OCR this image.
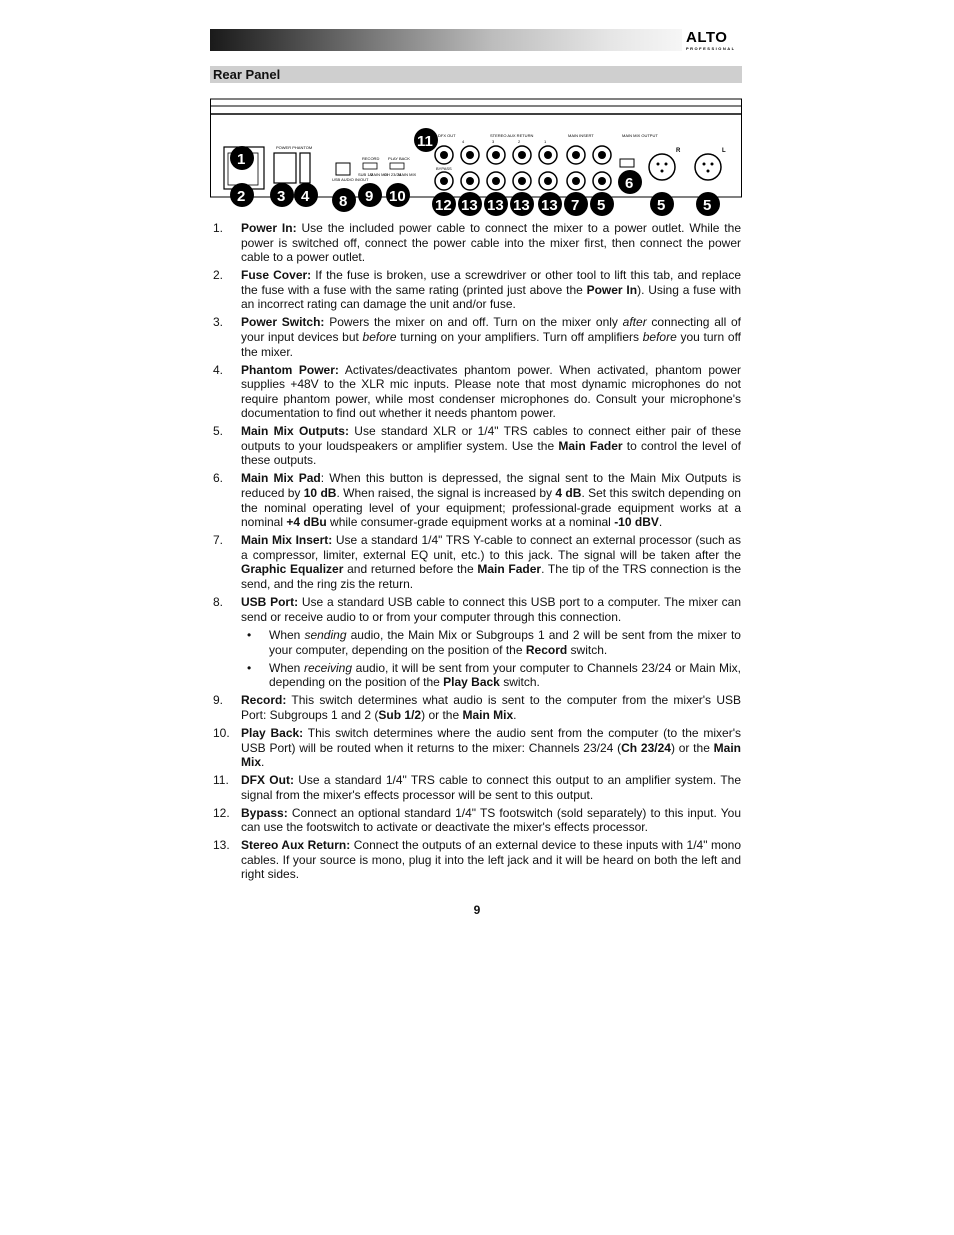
ALTO
PROFESSIONAL
Rear Panel
POWER PHANTOM
USB AUDIO IN/OUT
RECORD
SUB 1/2
MAIN MIX
PLAY BACK
CH 23/24
MAIN MIX
DFX OUT
BYPASS
STEREO AUX RETURN
4	3	2	1
MAIN INSERT	MAIN MIX OUTPUT
R	L
1
2 3 4 8 9 10
11
12 13 13 13 13 7 5
6
5	5
1. Power In: Use the included power cable to connect the mixer to a power outlet. While the power is switched off, connect the power cable into the mixer first, then connect the power cable to a power outlet.
2. Fuse Cover: If the fuse is broken, use a screwdriver or other tool to lift this tab, and replace the fuse with a fuse with the same rating (printed just above the Power In). Using a fuse with an incorrect rating can damage the unit and/or fuse.
3. Power Switch: Powers the mixer on and off. Turn on the mixer only after connecting all of your input devices but before turning on your amplifiers. Turn off amplifiers before you turn off the mixer.
4. Phantom Power: Activates/deactivates phantom power. When activated, phantom power supplies +48V to the XLR mic inputs. Please note that most dynamic microphones do not require phantom power, while most condenser microphones do. Consult your microphone's documentation to find out whether it needs phantom power.
5. Main Mix Outputs: Use standard XLR or 1/4" TRS cables to connect either pair of these outputs to your loudspeakers or amplifier system. Use the Main Fader to control the level of these outputs.
6. Main Mix Pad: When this button is depressed, the signal sent to the Main Mix Outputs is reduced by 10 dB. When raised, the signal is increased by 4 dB. Set this switch depending on the nominal operating level of your equipment; professional-grade equipment works at a nominal +4 dBu while consumer-grade equipment works at a nominal -10 dBV.
7. Main Mix Insert: Use a standard 1/4" TRS Y-cable to connect an external processor (such as a compressor, limiter, external EQ unit, etc.) to this jack. The signal will be taken after the Graphic Equalizer and returned before the Main Fader. The tip of the TRS connection is the send, and the ring zis the return.
8. USB Port: Use a standard USB cable to connect this USB port to a computer. The mixer can send or receive audio to or from your computer through this connection.
• When sending audio, the Main Mix or Subgroups 1 and 2 will be sent from the mixer to your computer, depending on the position of the Record switch.
• When receiving audio, it will be sent from your computer to Channels 23/24 or Main Mix, depending on the position of the Play Back switch.
9. Record: This switch determines what audio is sent to the computer from the mixer's USB Port: Subgroups 1 and 2 (Sub 1/2) or the Main Mix.
10. Play Back: This switch determines where the audio sent from the computer (to the mixer's USB Port) will be routed when it returns to the mixer: Channels 23/24 (Ch 23/24) or the Main Mix.
11. DFX Out: Use a standard 1/4" TRS cable to connect this output to an amplifier system. The signal from the mixer's effects processor will be sent to this output.
12. Bypass: Connect an optional standard 1/4" TS footswitch (sold separately) to this input. You can use the footswitch to activate or deactivate the mixer's effects processor.
13. Stereo Aux Return: Connect the outputs of an external device to these inputs with 1/4" mono cables. If your source is mono, plug it into the left jack and it will be heard on both the left and right sides.
9
